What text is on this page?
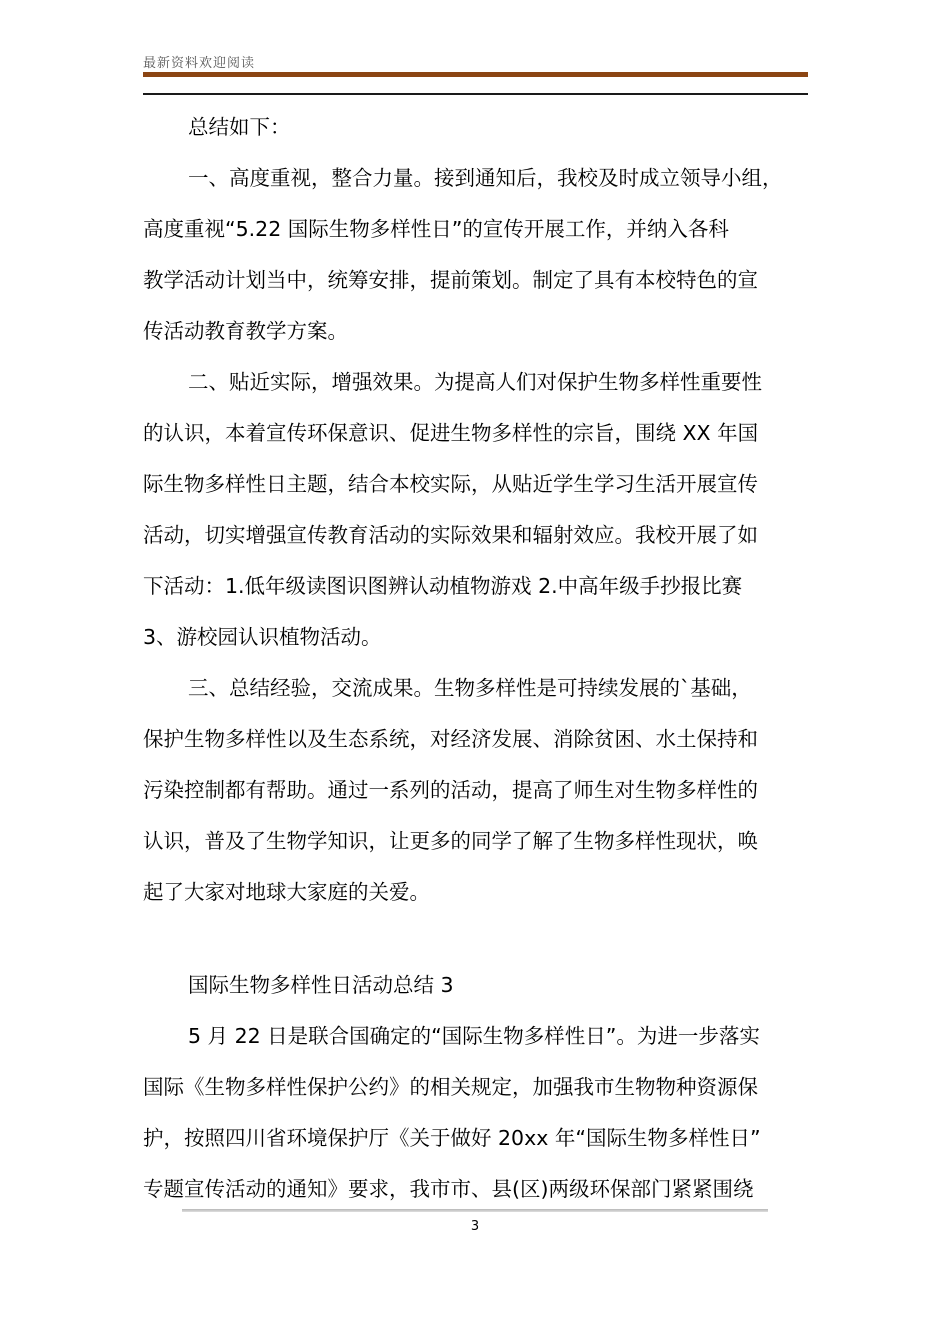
最新资料欢迎阅读
总结如下：
一、高度重视，整合力量。接到通知后，我校及时成立领导小组，
高度重视“5.22 国际生物多样性日”的宣传开展工作，并纳入各科
教学活动计划当中，统筹安排，提前策划。制定了具有本校特色的宣
传活动教育教学方案。
二、贴近实际，增强效果。为提高人们对保护生物多样性重要性
的认识，本着宣传环保意识、促进生物多样性的宗旨，围绕 XX 年国
际生物多样性日主题，结合本校实际，从贴近学生学习生活开展宣传
活动，切实增强宣传教育活动的实际效果和辐射效应。我校开展了如
下活动：1.低年级读图识图辨认动植物游戏 2.中高年级手抄报比赛
3、游校园认识植物活动。
三、总结经验，交流成果。生物多样性是可持续发展的`基础，
保护生物多样性以及生态系统，对经济发展、消除贫困、水土保持和
污染控制都有帮助。通过一系列的活动，提高了师生对生物多样性的
认识，普及了生物学知识，让更多的同学了解了生物多样性现状，唤
起了大家对地球大家庭的关爱。
国际生物多样性日活动总结 3
5 月 22 日是联合国确定的“国际生物多样性日”。为进一步落实
国际《生物多样性保护公约》的相关规定，加强我市生物物种资源保
护，按照四川省环境保护厅《关于做好 20xx 年“国际生物多样性日”
专题宣传活动的通知》要求，我市市、县(区)两级环保部门紧紧围绕
3
